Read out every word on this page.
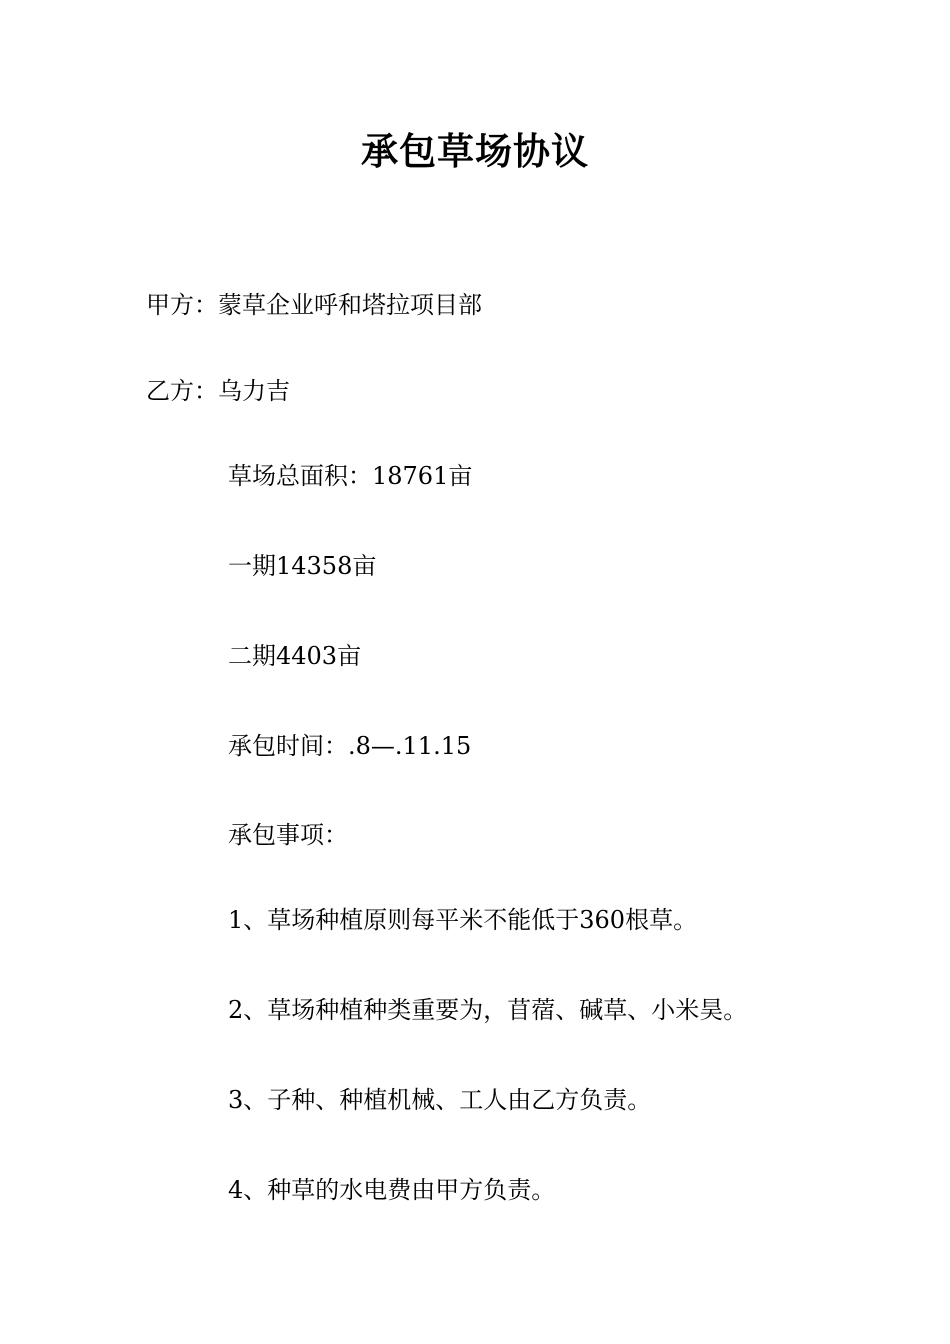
承包草场协议
甲方：蒙草企业呼和塔拉项目部
乙方：乌力吉
草场总面积：18761亩
一期14358亩
二期4403亩
承包时间：.8—.11.15
承包事项：
1、草场种植原则每平米不能低于360根草。
2、草场种植种类重要为，苜蓿、碱草、小米昊。
3、子种、种植机械、工人由乙方负责。
4、种草的水电费由甲方负责。
